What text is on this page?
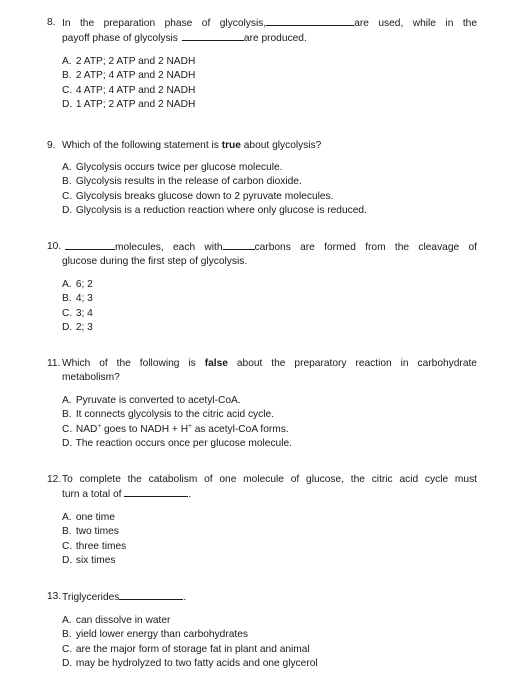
8. In the preparation phase of glycolysis,	are used, while in the

payoff phase of glycolysis	are produced.

A. 2 ATP; 2 ATP and 2 NADH
B. 2 ATP; 4 ATP and 2 NADH
C. 4 ATP; 4 ATP and 2 NADH
D. 1 ATP; 2 ATP and 2 NADH
9. Which of the following statement is true about glycolysis?

A. Glycolysis occurs twice per glucose molecule.
B. Glycolysis results in the release of carbon dioxide.
C. Glycolysis breaks glucose down to 2 pyruvate molecules.
D. Glycolysis is a reduction reaction where only glucose is reduced.
10.	molecules, each with	carbons are formed from the cleavage of

glucose during the first step of glycolysis.

A. 6; 2
B. 4; 3
C. 3; 4
D. 2; 3
11. Which of the following is false about the preparatory reaction in carbohydrate

metabolism?

A. Pyruvate is converted to acetyl-CoA.
B. It connects glycolysis to the citric acid cycle.
C. NAD+ goes to NADH + H+ as acetyl-CoA forms.
D. The reaction occurs once per glucose molecule.
12. To complete the catabolism of one molecule of glucose, the citric acid cycle must

turn a total of	.

A. one time
B. two times
C. three times
D. six times
13. Triglycerides	.

A. can dissolve in water
B. yield lower energy than carbohydrates
C. are the major form of storage fat in plant and animal
D. may be hydrolyzed to two fatty acids and one glycerol
